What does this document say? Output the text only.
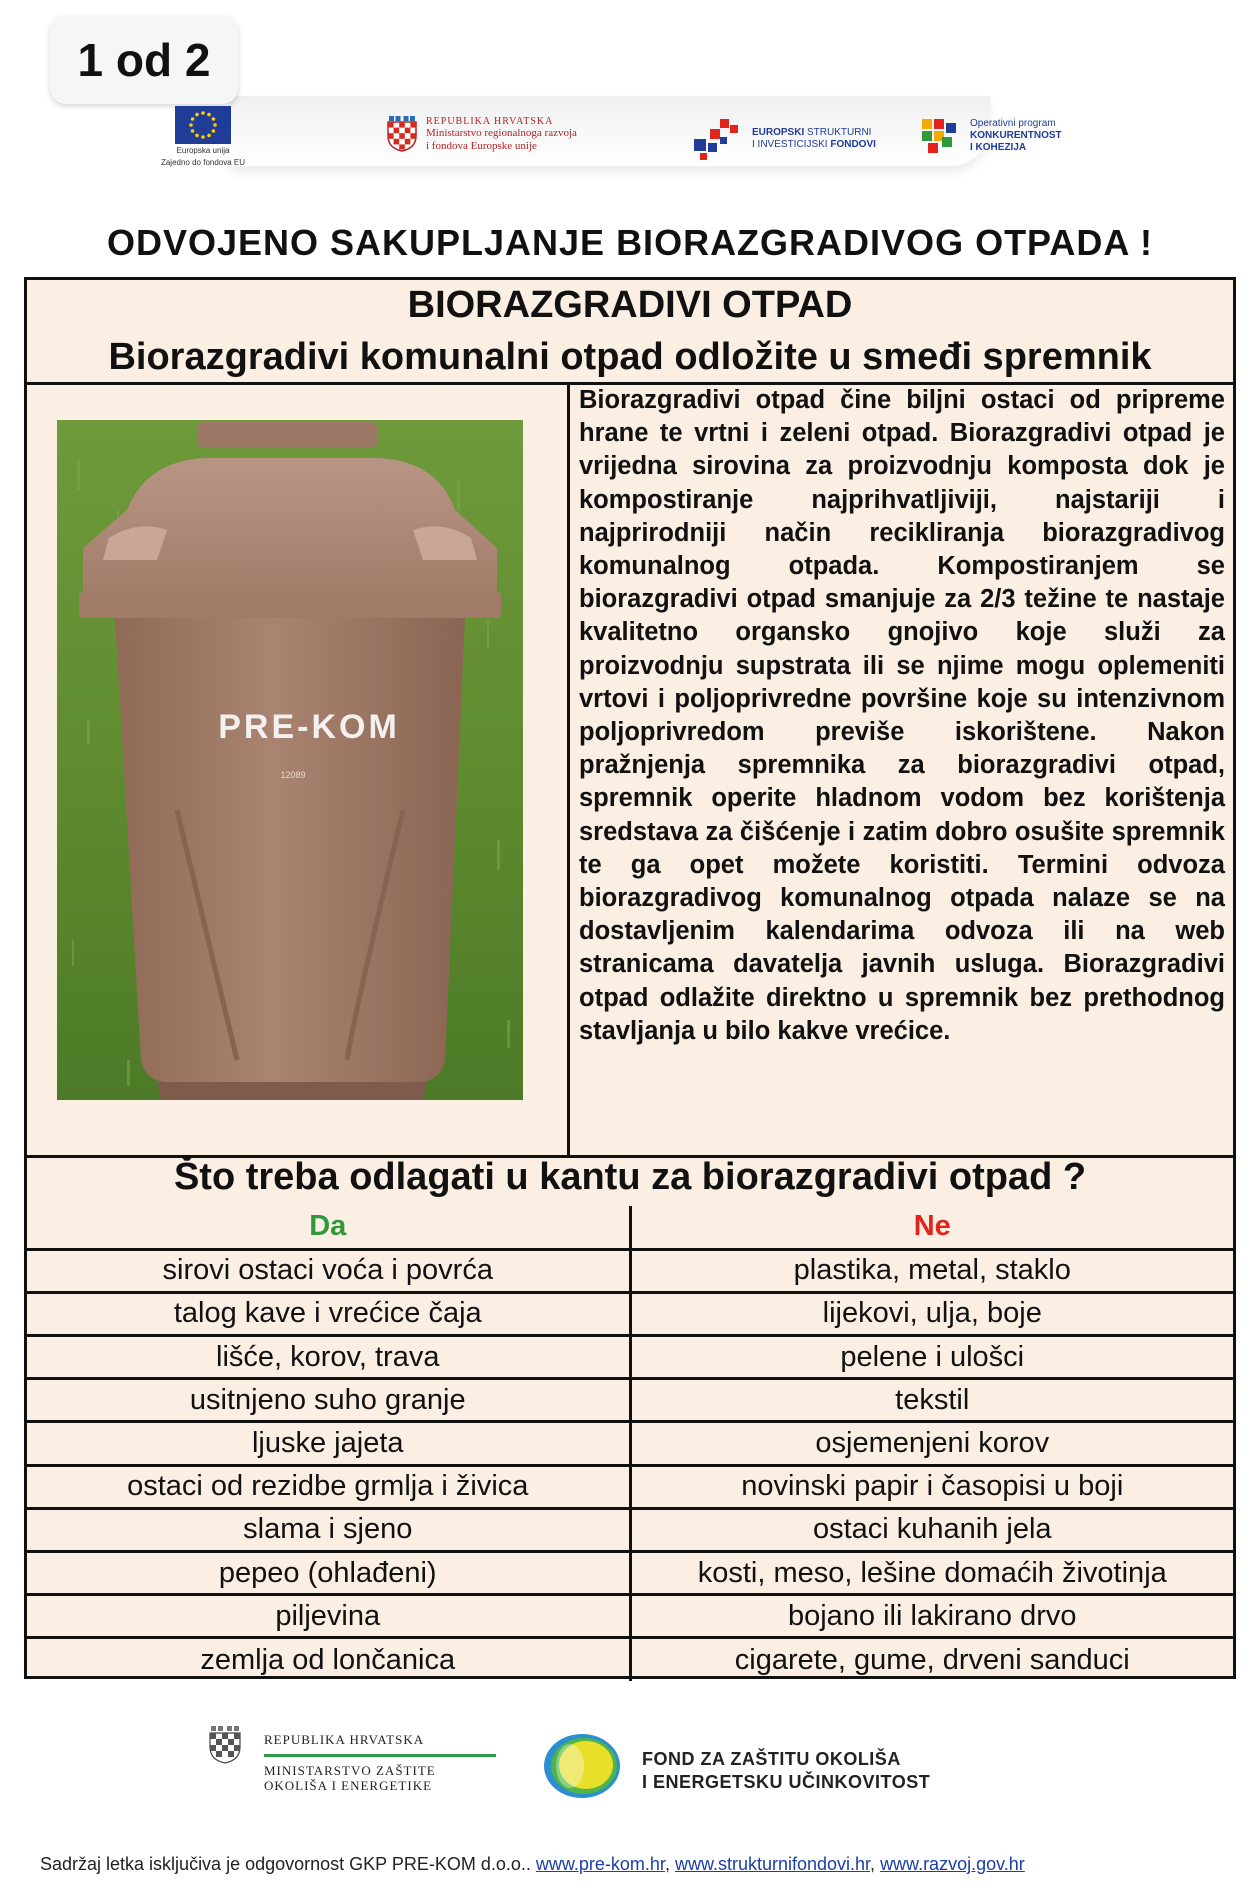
1 od 2
Europska unija
Zajedno do fondova EU
REPUBLIKA HRVATSKA
Ministarstvo regionalnoga razvoja
i fondova Europske unije
EUROPSKI STRUKTURNI
I INVESTICIJSKI FONDOVI
Operativni program
KONKURENTNOST
I KOHEZIJA
ODVOJENO SAKUPLJANJE BIORAZGRADIVOG OTPADA !
BIORAZGRADIVI OTPAD
Biorazgradivi komunalni otpad odložite u smeđi spremnik
PRE-KOM
12089
Biorazgradivi otpad čine biljni ostaci od pripreme hrane te vrtni i zeleni otpad. Biorazgradivi otpad je vrijedna sirovina za proizvodnju komposta dok je kompostiranje najprihvatljiviji, najstariji i najprirodniji način recikliranja biorazgradivog komunalnog otpada. Kompostiranjem se biorazgradivi otpad smanjuje za 2/3 težine te nastaje kvalitetno organsko gnojivo koje služi za proizvodnju supstrata ili se njime mogu oplemeniti vrtovi i poljoprivredne površine koje su intenzivnom poljoprivredom previše iskorištene. Nakon pražnjenja spremnika za biorazgradivi otpad, spremnik operite hladnom vodom bez korištenja sredstava za čišćenje i zatim dobro osušite spremnik te ga opet možete koristiti. Termini odvoza biorazgradivog komunalnog otpada nalaze se na dostavljenim kalendarima odvoza ili na web stranicama davatelja javnih usluga. Biorazgradivi otpad odlažite direktno u spremnik bez prethodnog stavljanja u bilo kakve vrećice.
Što treba odlagati u kantu za biorazgradivi otpad ?
Da	Ne
sirovi ostaci voća i povrća	plastika, metal, staklo
talog kave i vrećice čaja	lijekovi, ulja, boje
lišće, korov, trava	pelene i ulošci
usitnjeno suho granje	tekstil
ljuske jajeta	osjemenjeni korov
ostaci od rezidbe grmlja i živica	novinski papir i časopisi u boji
slama i sjeno	ostaci kuhanih jela
pepeo (ohlađeni)	kosti, meso, lešine domaćih životinja
piljevina	bojano ili lakirano drvo
zemlja od lončanica	cigarete, gume, drveni sanduci
REPUBLIKA HRVATSKA
MINISTARSTVO ZAŠTITE
OKOLIŠA I ENERGETIKE
FOND ZA ZAŠTITU OKOLIŠA
I ENERGETSKU UČINKOVITOST
Sadržaj letka isključiva je odgovornost GKP PRE-KOM d.o.o.. www.pre-kom.hr, www.strukturnifondovi.hr, www.razvoj.gov.hr
